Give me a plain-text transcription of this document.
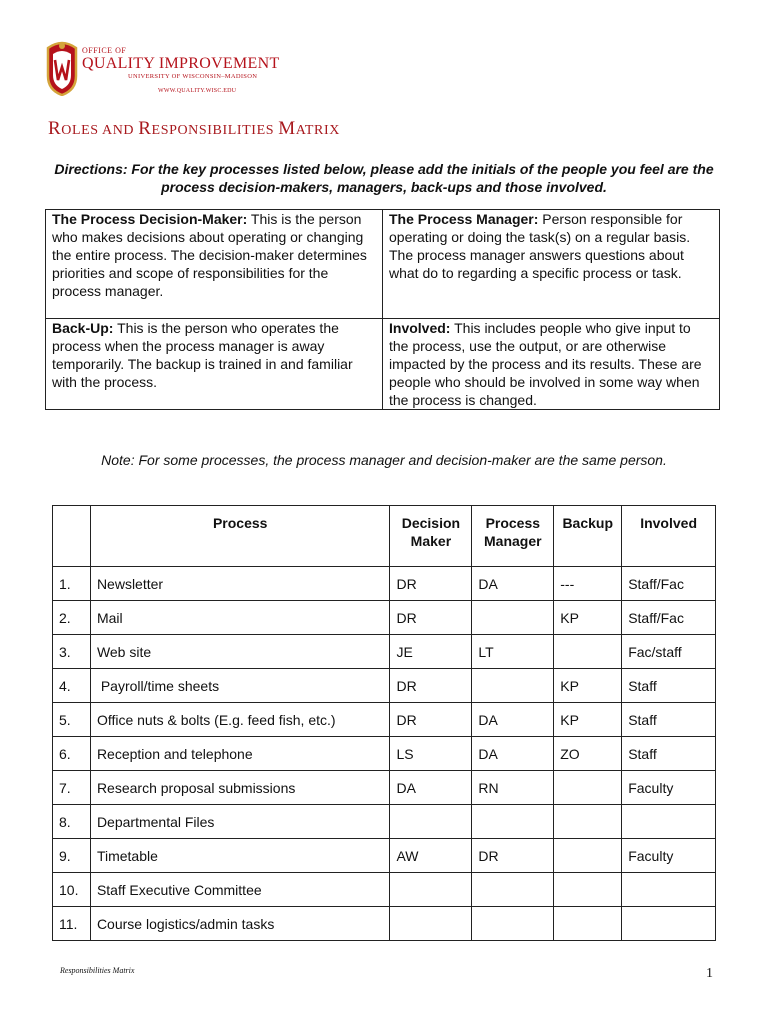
OFFICE OF
QUALITY IMPROVEMENT
UNIVERSITY OF WISCONSIN–MADISON
WWW.QUALITY.WISC.EDU
ROLES AND RESPONSIBILITIES MATRIX
Directions: For the key processes listed below, please add the initials of the people you feel are the process decision-makers, managers, back-ups and those involved.
The Process Decision-Maker: This is the person who makes decisions about operating or changing the entire process. The decision-maker determines priorities and scope of responsibilities for the process manager.	The Process Manager: Person responsible for operating or doing the task(s) on a regular basis. The process manager answers questions about what do to regarding a specific process or task.
Back-Up: This is the person who operates the process when the process manager is away temporarily. The backup is trained in and familiar with the process.	Involved: This includes people who give input to the process, use the output, or are otherwise impacted by the process and its results. These are people who should be involved in some way when the process is changed.
Note: For some processes, the process manager and decision-maker are the same person.
	Process	Decision Maker	Process Manager	Backup	Involved
1.	Newsletter	DR	DA	---	Staff/Fac
2.	Mail	DR		KP	Staff/Fac
3.	Web site	JE	LT		Fac/staff
4.	Payroll/time sheets	DR		KP	Staff
5.	Office nuts & bolts (E.g. feed fish, etc.)	DR	DA	KP	Staff
6.	Reception and telephone	LS	DA	ZO	Staff
7.	Research proposal submissions	DA	RN		Faculty
8.	Departmental Files				
9.	Timetable	AW	DR		Faculty
10.	Staff Executive Committee				
11.	Course logistics/admin tasks				
Responsibilities Matrix	1
